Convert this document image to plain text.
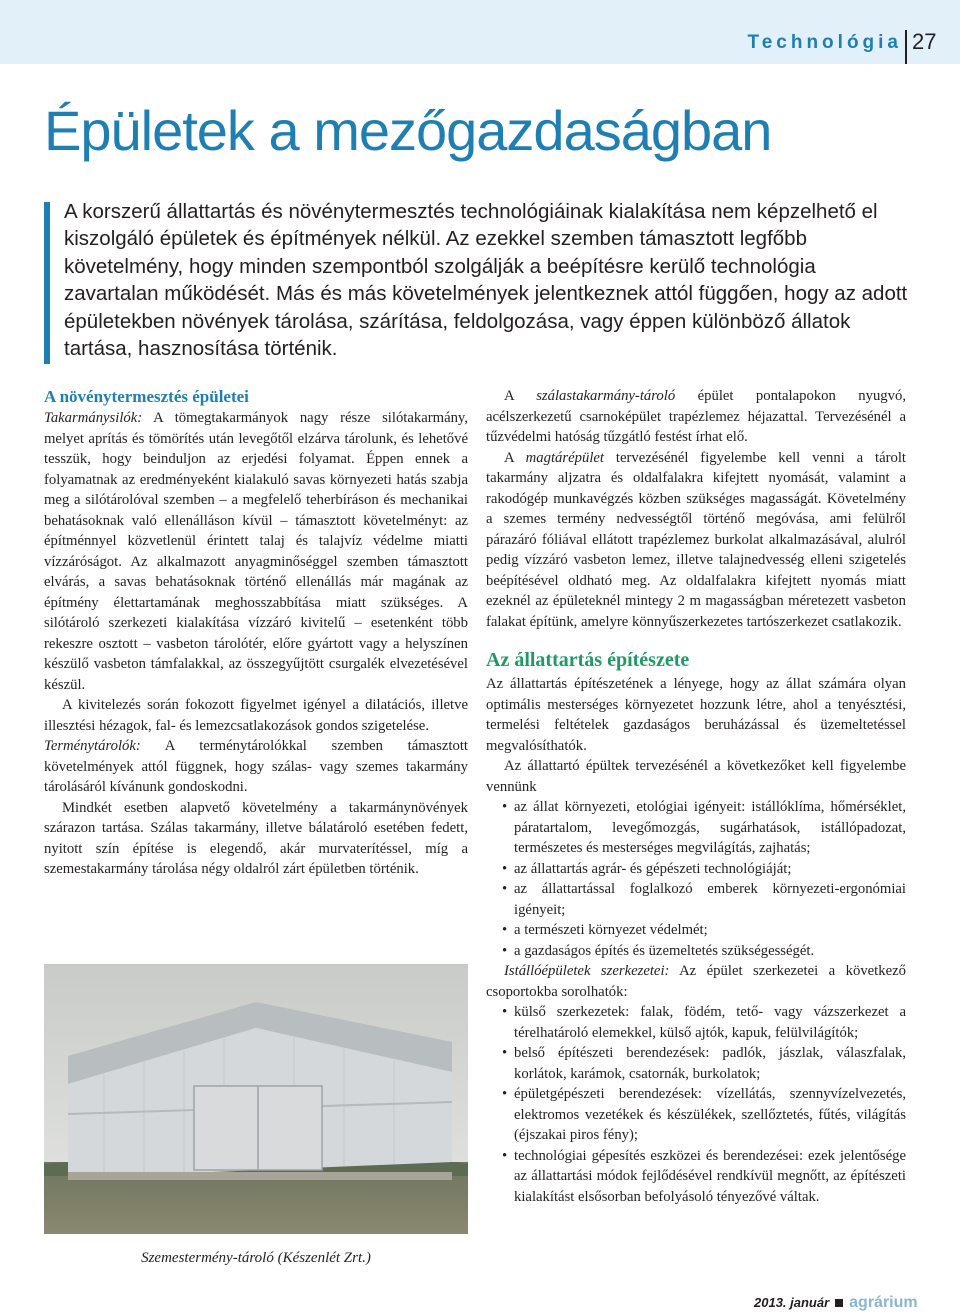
Technológia 27
Épületek a mezőgazdaságban
A korszerű állattartás és növénytermesztés technológiáinak kialakítása nem képzelhető el kiszolgáló épületek és építmények nélkül. Az ezekkel szemben támasztott legfőbb követelmény, hogy minden szempontból szolgálják a beépítésre kerülő technológia zavartalan működését. Más és más követelmények jelentkeznek attól függően, hogy az adott épületekben növények tárolása, szárítása, feldolgozása, vagy éppen különböző állatok tartása, hasznosítása történik.
A növénytermesztés épületei

Takarmánysilók: A tömegtakarmányok nagy része silótakarmány, melyet aprítás és tömörítés után levegőtől elzárva tárolunk, és lehetővé tesszük, hogy beinduljon az erjedési folyamat. Éppen ennek a folyamatnak az eredményeként kialakuló savas környezeti hatás szabja meg a silótárolóval szemben – a megfelelő teherbíráson és mechanikai behatásoknak való ellenálláson kívül – támasztott követelményt: az építménnyel közvetlenül érintett talaj és talajvíz védelme miatti vízzáróságot. Az alkalmazott anyagminőséggel szemben támasztott elvárás, a savas behatásoknak történő ellenállás már magának az építmény élettartamának meghosszabbítása miatt szükséges. A silótároló szerkezeti kialakítása vízzáró kivitelű – esetenként több rekeszre osztott – vasbeton tárolótér, előre gyártott vagy a helyszínen készülő vasbeton támfalakkal, az összegyűjtött csurgalék elvezetésével készül.

A kivitelezés során fokozott figyelmet igényel a dilatációs, illetve illesztési hézagok, fal- és lemezcsatlakozások gondos szigetelése.

Terménytárolók: A terménytárolókkal szemben támasztott követelmények attól függnek, hogy szálas- vagy szemes takarmány tárolásáról kívánunk gondoskodni.

Mindkét esetben alapvető követelmény a takarmánynövények szárazon tartása. Szálas takarmány, illetve bálatároló esetében fedett, nyitott szín építése is elegendő, akár murvaterítéssel, míg a szemestakarmány tárolása négy oldalról zárt épületben történik.

Szemestermény-tároló (Készenlét Zrt.)

A szálastakarmány-tároló épület pontalapokon nyugvó, acélszerkezetű csarnoképület trapézlemez héjazattal. Tervezésénél a tűzvédelmi hatóság tűzgátló festést írhat elő.

A magtárépület tervezésénél figyelembe kell venni a tárolt takarmány aljzatra és oldalfalakra kifejtett nyomását, valamint a rakodógép munkavégzés közben szükséges magasságát. Követelmény a szemes termény nedvességtől történő megóvása, ami felülről párazáró fóliával ellátott trapézlemez burkolat alkalmazásával, alulról pedig vízzáró vasbeton lemez, illetve talajnedvesség elleni szigetelés beépítésével oldható meg. Az oldalfalakra kifejtett nyomás miatt ezeknél az épületeknél mintegy 2 m magasságban méretezett vasbeton falakat építünk, amelyre könnyűszerkezetes tartószerkezet csatlakozik.

Az állattartás építészete

Az állattartás építészetének a lényege, hogy az állat számára olyan optimális mesterséges környezetet hozzunk létre, ahol a tenyésztési, termelési feltételek gazdaságos beruházással és üzemeltetéssel megvalósíthatók.

Az állattartó épültek tervezésénél a következőket kell figyelembe vennünk

• az állat környezeti, etológiai igényeit: istállóklíma, hőmérséklet, páratartalom, levegőmozgás, sugárhatások, istállópadozat, természetes és mesterséges megvilágítás, zajhatás;
• az állattartás agrár- és gépészeti technológiáját;
• az állattartással foglalkozó emberek környezeti-ergonómiai igényeit;
• a természeti környezet védelmét;
• a gazdaságos építés és üzemeltetés szükségességét.

Istállóépületek szerkezetei: Az épület szerkezetei a következő csoportokba sorolhatók:

• külső szerkezetek: falak, födém, tető- vagy vázszerkezet a térelhatároló elemekkel, külső ajtók, kapuk, felülvilágítók;
• belső építészeti berendezések: padlók, jászlak, válaszfalak, korlátok, karámok, csatornák, burkolatok;
• épületgépészeti berendezések: vízellátás, szennyvízelvezetés, elektromos vezetékek és készülékek, szellőztetés, fűtés, világítás (éjszakai piros fény);
• technológiai gépesítés eszközei és berendezései: ezek jelentősége az állattartási módok fejlődésével rendkívül megnőtt, az építészeti kialakítást elsősorban befolyásoló tényezővé váltak.
2013. január agrárium
